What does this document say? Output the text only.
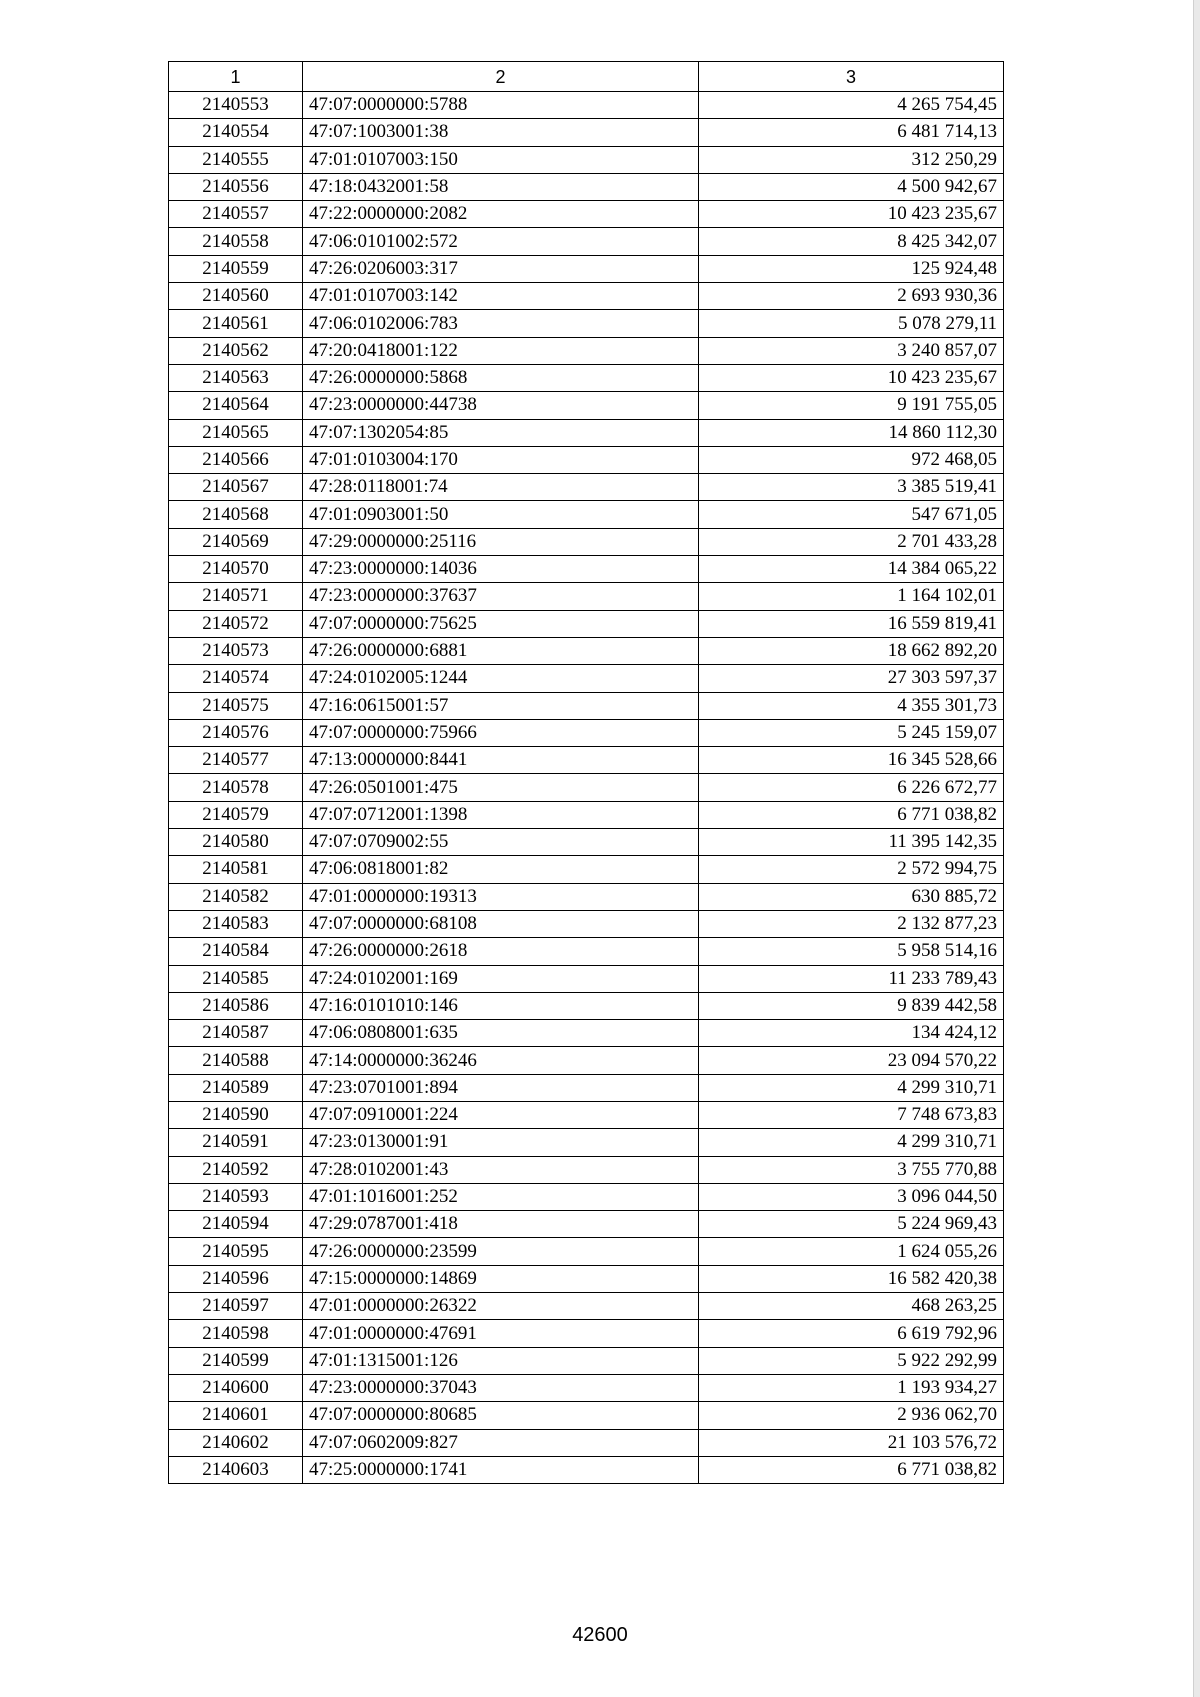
1	2	3
2140553	47:07:0000000:5788	4 265 754,45
2140554	47:07:1003001:38	6 481 714,13
2140555	47:01:0107003:150	312 250,29
2140556	47:18:0432001:58	4 500 942,67
2140557	47:22:0000000:2082	10 423 235,67
2140558	47:06:0101002:572	8 425 342,07
2140559	47:26:0206003:317	125 924,48
2140560	47:01:0107003:142	2 693 930,36
2140561	47:06:0102006:783	5 078 279,11
2140562	47:20:0418001:122	3 240 857,07
2140563	47:26:0000000:5868	10 423 235,67
2140564	47:23:0000000:44738	9 191 755,05
2140565	47:07:1302054:85	14 860 112,30
2140566	47:01:0103004:170	972 468,05
2140567	47:28:0118001:74	3 385 519,41
2140568	47:01:0903001:50	547 671,05
2140569	47:29:0000000:25116	2 701 433,28
2140570	47:23:0000000:14036	14 384 065,22
2140571	47:23:0000000:37637	1 164 102,01
2140572	47:07:0000000:75625	16 559 819,41
2140573	47:26:0000000:6881	18 662 892,20
2140574	47:24:0102005:1244	27 303 597,37
2140575	47:16:0615001:57	4 355 301,73
2140576	47:07:0000000:75966	5 245 159,07
2140577	47:13:0000000:8441	16 345 528,66
2140578	47:26:0501001:475	6 226 672,77
2140579	47:07:0712001:1398	6 771 038,82
2140580	47:07:0709002:55	11 395 142,35
2140581	47:06:0818001:82	2 572 994,75
2140582	47:01:0000000:19313	630 885,72
2140583	47:07:0000000:68108	2 132 877,23
2140584	47:26:0000000:2618	5 958 514,16
2140585	47:24:0102001:169	11 233 789,43
2140586	47:16:0101010:146	9 839 442,58
2140587	47:06:0808001:635	134 424,12
2140588	47:14:0000000:36246	23 094 570,22
2140589	47:23:0701001:894	4 299 310,71
2140590	47:07:0910001:224	7 748 673,83
2140591	47:23:0130001:91	4 299 310,71
2140592	47:28:0102001:43	3 755 770,88
2140593	47:01:1016001:252	3 096 044,50
2140594	47:29:0787001:418	5 224 969,43
2140595	47:26:0000000:23599	1 624 055,26
2140596	47:15:0000000:14869	16 582 420,38
2140597	47:01:0000000:26322	468 263,25
2140598	47:01:0000000:47691	6 619 792,96
2140599	47:01:1315001:126	5 922 292,99
2140600	47:23:0000000:37043	1 193 934,27
2140601	47:07:0000000:80685	2 936 062,70
2140602	47:07:0602009:827	21 103 576,72
2140603	47:25:0000000:1741	6 771 038,82
42600
